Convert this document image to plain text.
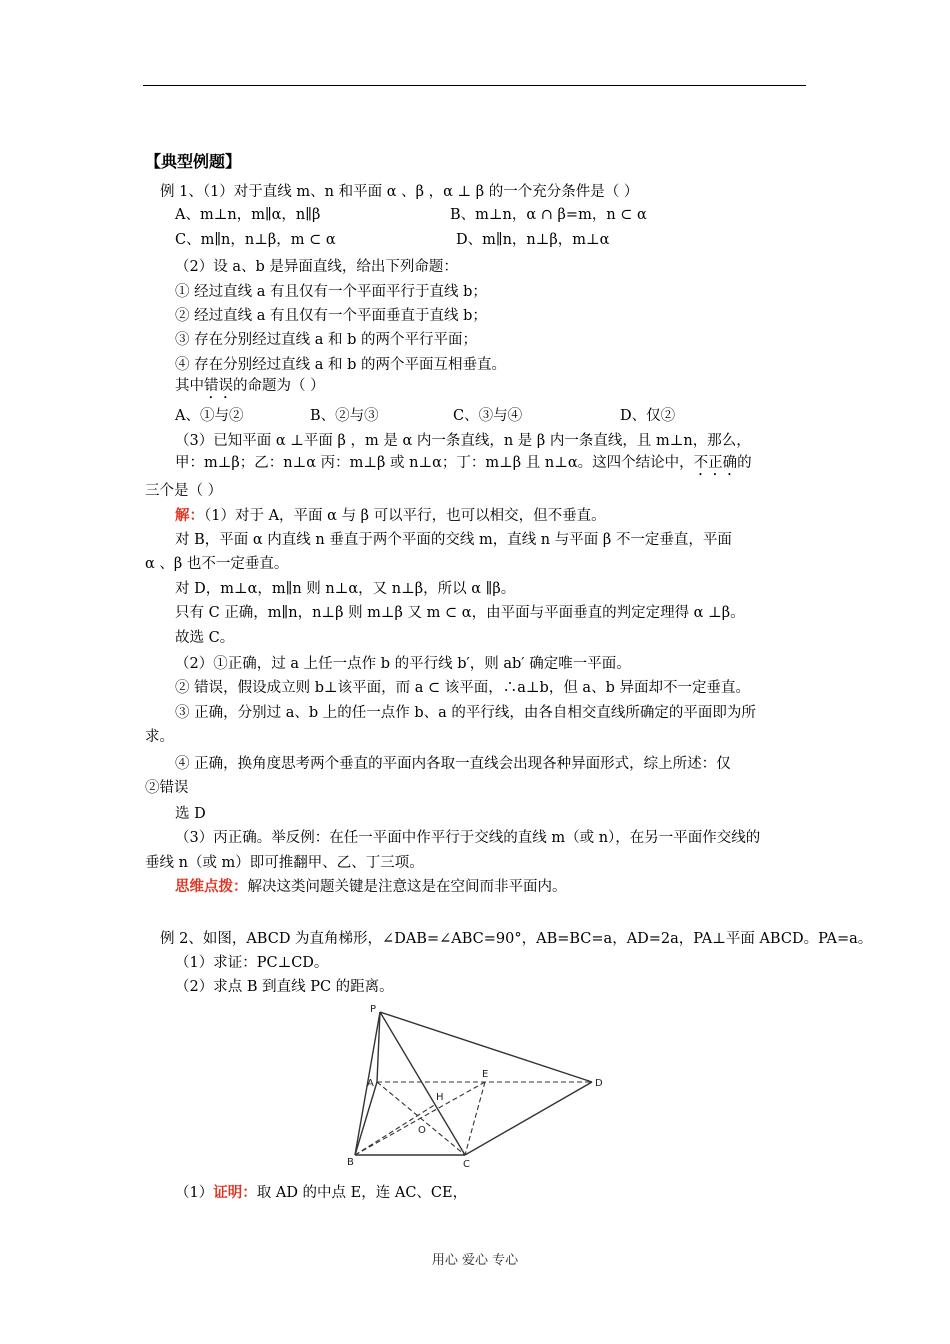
【典型例题】
例 1、（1）对于直线 m、n 和平面 α 、β ，α ⊥ β 的一个充分条件是（ ）
A、m⊥n，m∥α，n∥β	B、m⊥n，α ∩ β=m，n ⊂ α
C、m∥n，n⊥β，m ⊂ α	D、m∥n，n⊥β，m⊥α
（2）设 a、b 是异面直线，给出下列命题：
① 经过直线 a 有且仅有一个平面平行于直线 b；
② 经过直线 a 有且仅有一个平面垂直于直线 b；
③ 存在分别经过直线 a 和 b 的两个平行平面；
④ 存在分别经过直线 a 和 b 的两个平面互相垂直。
其中错误的命题为（ ）
A、①与②	B、②与③	C、③与④	D、仅②
（3）已知平面 α ⊥平面 β ，m 是 α 内一条直线，n 是 β 内一条直线，且 m⊥n，那么，
甲：m⊥β；乙：n⊥α 丙：m⊥β 或 n⊥α；丁：m⊥β 且 n⊥α。这四个结论中，不正确的
三个是（ ）
解：（1）对于 A，平面 α 与 β 可以平行，也可以相交，但不垂直。
对 B，平面 α 内直线 n 垂直于两个平面的交线 m，直线 n 与平面 β 不一定垂直，平面
α 、β 也不一定垂直。
对 D，m⊥α，m∥n 则 n⊥α，又 n⊥β，所以 α ∥β。
只有 C 正确，m∥n，n⊥β 则 m⊥β 又 m ⊂ α，由平面与平面垂直的判定定理得 α ⊥β。
故选 C。
（2）①正确，过 a 上任一点作 b 的平行线 b′，则 ab′ 确定唯一平面。
② 错误，假设成立则 b⊥该平面，而 a ⊂ 该平面，∴a⊥b，但 a、b 异面却不一定垂直。
③ 正确，分别过 a、b 上的任一点作 b、a 的平行线，由各自相交直线所确定的平面即为所
求。
④ 正确，换角度思考两个垂直的平面内各取一直线会出现各种异面形式，综上所述：仅
②错误
选 D
（3）丙正确。举反例：在任一平面中作平行于交线的直线 m（或 n），在另一平面作交线的
垂线 n（或 m）即可推翻甲、乙、丁三项。
思维点拨：解决这类问题关键是注意这是在空间而非平面内。
例 2、如图，ABCD 为直角梯形，∠DAB=∠ABC=90°，AB=BC=a，AD=2a，PA⊥平面 ABCD。PA=a。
（1）求证：PC⊥CD。
（2）求点 B 到直线 PC 的距离。
P
A
B	C
D
E
H
O
（1）证明：取 AD 的中点 E，连 AC、CE，
用心 爱心 专心
